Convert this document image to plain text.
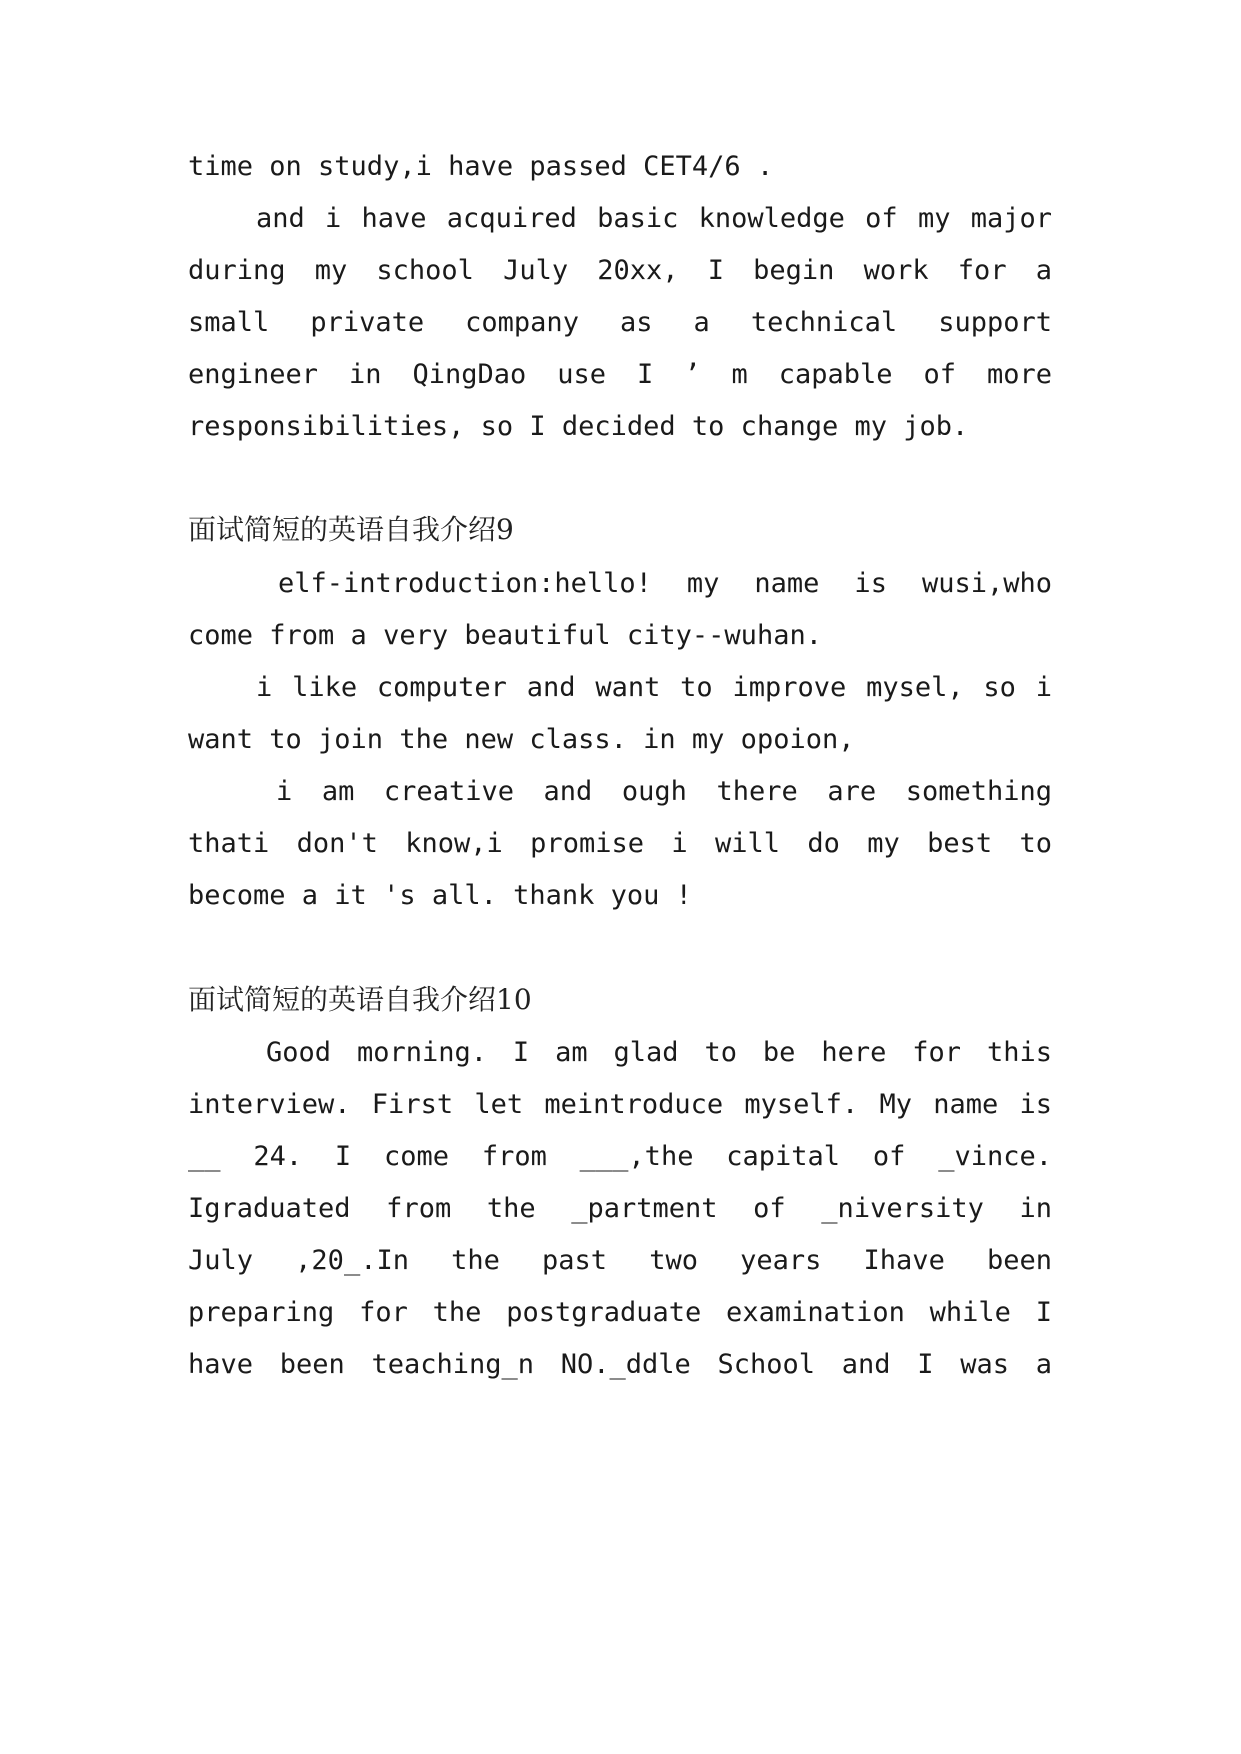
time on study,i have passed CET4/6 .
and i have acquired basic knowledge of my major
during my school July 20xx, I begin work for a
small private company as a technical support
engineer in QingDao use I ’ m capable of more
responsibilities, so I decided to change my job.
面试简短的英语自我介绍9
elf-introduction:hello! my name is wusi,who
come from a very beautiful city--wuhan.
i like computer and want to improve mysel, so i
want to join the new class. in my opoion,
i am creative and ough there are something
thati don't know,i promise i will do my best to
become a it 's all. thank you !
面试简短的英语自我介绍10
Good morning. I am glad to be here for this
interview. First let meintroduce myself. My name is
__ 24. I come from ___,the capital of _vince.
Igraduated from the _partment of _niversity in
July ,20_.In the past two years Ihave been
preparing for the postgraduate examination while I
have been teaching_n NO._ddle School and I was a
